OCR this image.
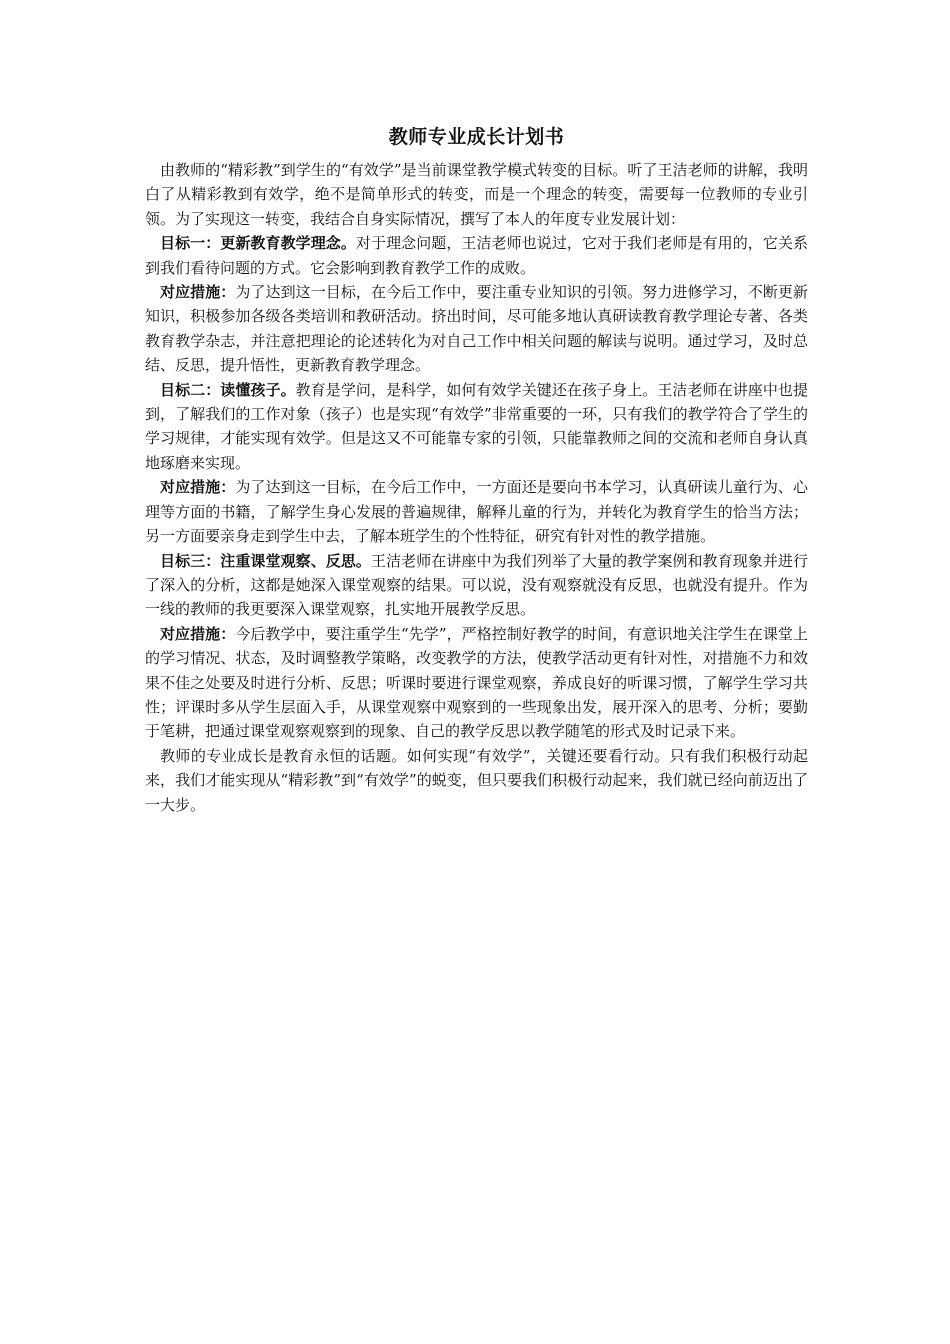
教师专业成长计划书

由教师的“精彩教”到学生的“有效学”是当前课堂教学模式转变的目标。听了王洁老师的讲解，我明白了从精彩教到有效学，绝不是简单形式的转变，而是一个理念的转变，需要每一位教师的专业引领。为了实现这一转变，我结合自身实际情况，撰写了本人的年度专业发展计划：

目标一：更新教育教学理念。对于理念问题，王洁老师也说过，它对于我们老师是有用的，它关系到我们看待问题的方式。它会影响到教育教学工作的成败。

对应措施：为了达到这一目标，在今后工作中，要注重专业知识的引领。努力进修学习，不断更新知识，积极参加各级各类培训和教研活动。挤出时间，尽可能多地认真研读教育教学理论专著、各类教育教学杂志，并注意把理论的论述转化为对自己工作中相关问题的解读与说明。通过学习，及时总结、反思，提升悟性，更新教育教学理念。

目标二：读懂孩子。教育是学问，是科学，如何有效学关键还在孩子身上。王洁老师在讲座中也提到，了解我们的工作对象（孩子）也是实现“有效学”非常重要的一环，只有我们的教学符合了学生的学习规律，才能实现有效学。但是这又不可能靠专家的引领，只能靠教师之间的交流和老师自身认真地琢磨来实现。

对应措施：为了达到这一目标，在今后工作中，一方面还是要向书本学习，认真研读儿童行为、心理等方面的书籍，了解学生身心发展的普遍规律，解释儿童的行为，并转化为教育学生的恰当方法；另一方面要亲身走到学生中去，了解本班学生的个性特征，研究有针对性的教学措施。

目标三：注重课堂观察、反思。王洁老师在讲座中为我们列举了大量的教学案例和教育现象并进行了深入的分析，这都是她深入课堂观察的结果。可以说，没有观察就没有反思，也就没有提升。作为一线的教师的我更要深入课堂观察，扎实地开展教学反思。

对应措施：今后教学中，要注重学生“先学”，严格控制好教学的时间，有意识地关注学生在课堂上的学习情况、状态，及时调整教学策略，改变教学的方法，使教学活动更有针对性，对措施不力和效果不佳之处要及时进行分析、反思；听课时要进行课堂观察，养成良好的听课习惯，了解学生学习共性；评课时多从学生层面入手，从课堂观察中观察到的一些现象出发，展开深入的思考、分析；要勤于笔耕，把通过课堂观察观察到的现象、自己的教学反思以教学随笔的形式及时记录下来。

教师的专业成长是教育永恒的话题。如何实现“有效学”，关键还要看行动。只有我们积极行动起来，我们才能实现从“精彩教”到“有效学”的蜕变，但只要我们积极行动起来，我们就已经向前迈出了一大步。
